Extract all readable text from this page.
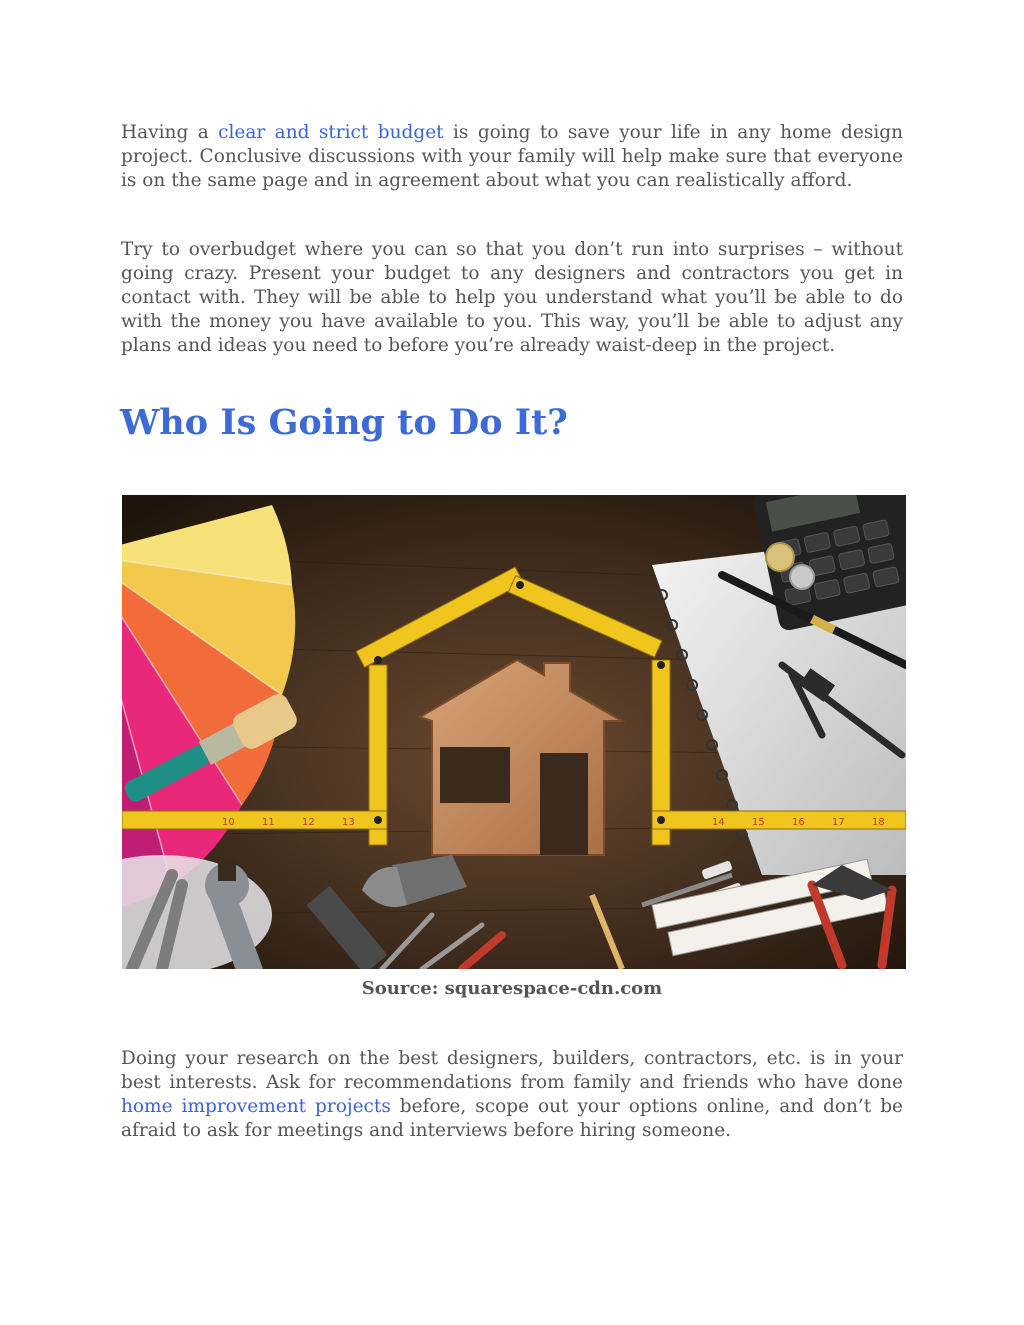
Having a clear and strict budget is going to save your life in any home design project. Conclusive discussions with your family will help make sure that everyone is on the same page and in agreement about what you can realistically afford.

Try to overbudget where you can so that you don’t run into surprises – without going crazy. Present your budget to any designers and contractors you get in contact with. They will be able to help you understand what you’ll be able to do with the money you have available to you. This way, you’ll be able to adjust any plans and ideas you need to before you’re already waist-deep in the project.

Who Is Going to Do It?
10	11	12	13	14	15	16	17	18

Source: squarespace-cdn.com

Doing your research on the best designers, builders, contractors, etc. is in your best interests. Ask for recommendations from family and friends who have done home improvement projects before, scope out your options online, and don’t be afraid to ask for meetings and interviews before hiring someone.
